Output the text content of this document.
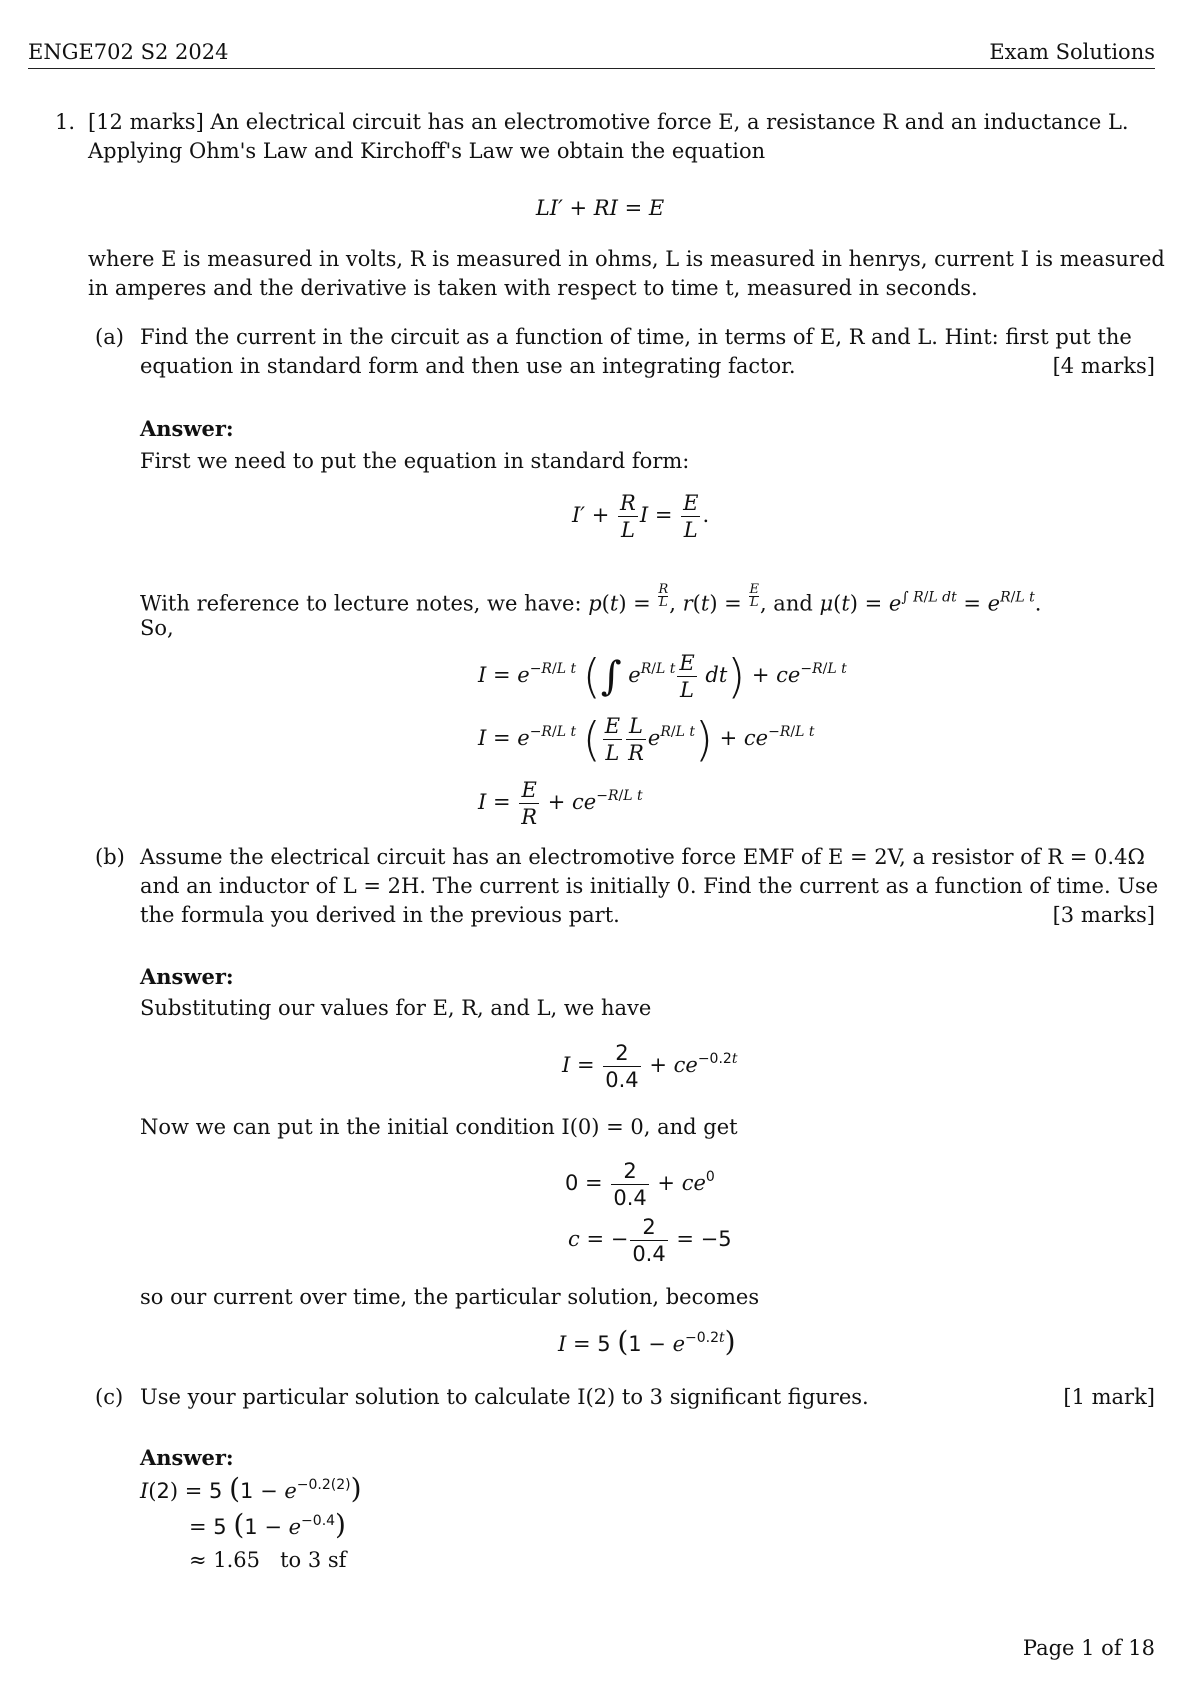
ENGE702 S2 2024	Exam Solutions
1. [12 marks] An electrical circuit has an electromotive force E, a resistance R and an inductance L.
Applying Ohm's Law and Kirchoff's Law we obtain the equation
LI′ + RI = E
where E is measured in volts, R is measured in ohms, L is measured in henrys, current I is measured
in amperes and the derivative is taken with respect to time t, measured in seconds.
(a) Find the current in the circuit as a function of time, in terms of E, R and L. Hint: first put the
equation in standard form and then use an integrating factor.	[4 marks]
Answer:
First we need to put the equation in standard form:
$I' + \frac{R}{L}$ $I = \frac{E}{L}$ .
With reference to lecture notes, we have: $p(t) = \frac{R}{L}$ , $r(t) = \frac{E}{L}$ , and $\mu(t) = e^{\int R/L dt} = e^{R/L t}$.
So,
$I = e^{-R/L t}$ (∫ $e^{R/L t} \frac{E}{L} dt) + ce^{-R/L t}$
$I = e^{-R/L t}$ ( $\frac{E}{L} \frac{L}{R} e^{R/L t}) + ce^{-R/L t}$
$I = \frac{E}{R} + ce^{-R/L t}$
(b) Assume the electrical circuit has an electromotive force EMF of E = 2V, a resistor of R = 0.4Ω
and an inductor of L = 2H. The current is initially 0. Find the current as a function of time. Use
the formula you derived in the previous part.	[3 marks]
Answer:
Substituting our values for E, R, and L, we have
$I = \frac{2}{0.4} + ce^{-0.2t}$
Now we can put in the initial condition I(0) = 0, and get
$0 = \frac{2}{0.4} + ce^0$
c = − $\frac{2}{0.4} = -5$
so our current over time, the particular solution, becomes
I = 5 $(1 - e^{-0.2t})$
(c) Use your particular solution to calculate I(2) to 3 significant figures.	[1 mark]
Answer:
I(2) = 5 $(1 - e^{-0.2(2)})$
= 5 $(1 - e^{-0.4})$
≈ 1.65 to 3 sf
Page 1 of 18
